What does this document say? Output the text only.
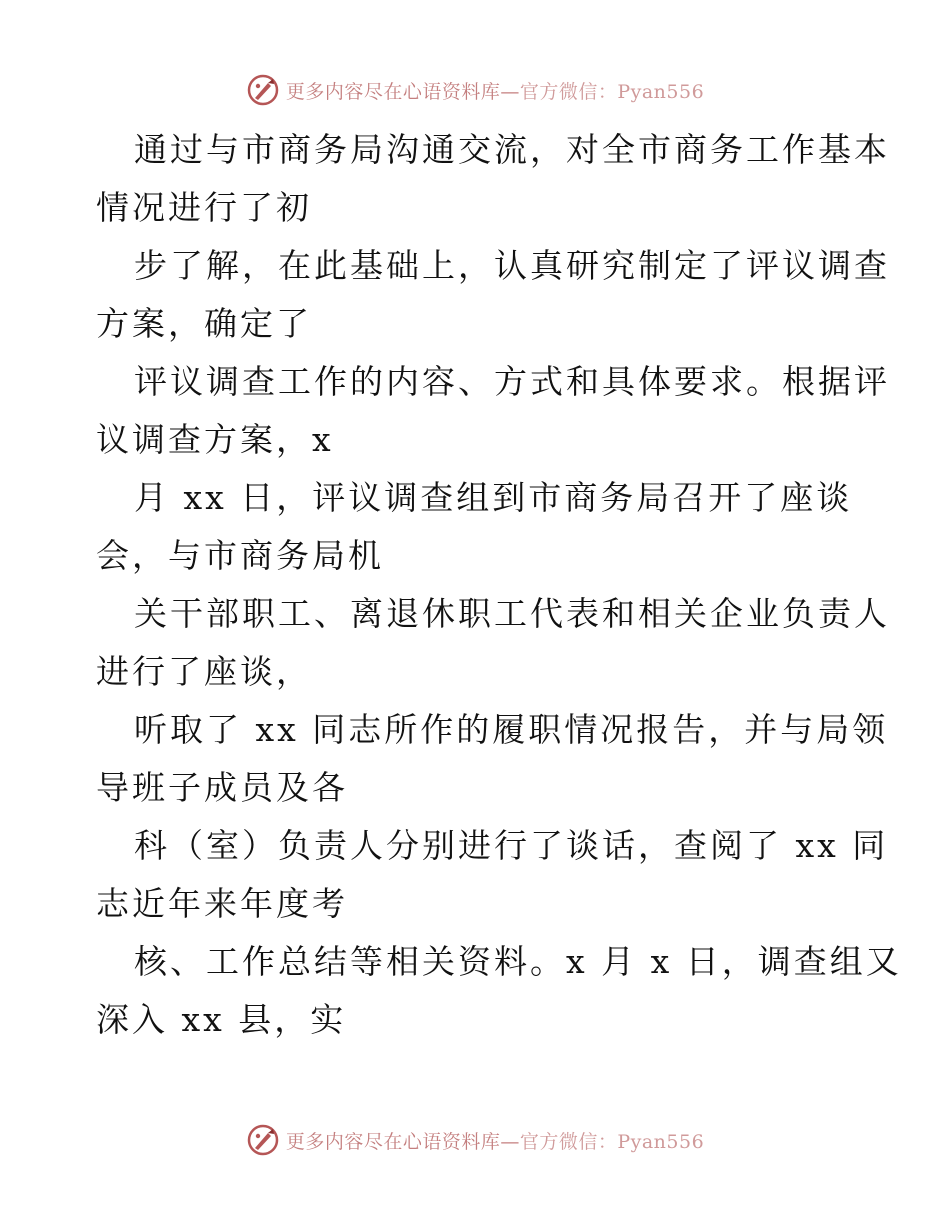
更多内容尽在心语资料库—官方微信：Pyan556

通过与市商务局沟通交流，对全市商务工作基本
情况进行了初

步了解，在此基础上，认真研究制定了评议调查
方案，确定了

评议调查工作的内容、方式和具体要求。根据评
议调查方案，x

月 xx 日，评议调查组到市商务局召开了座谈
会，与市商务局机

关干部职工、离退休职工代表和相关企业负责人
进行了座谈，

听取了 xx 同志所作的履职情况报告，并与局领
导班子成员及各

科（室）负责人分别进行了谈话，查阅了 xx 同
志近年来年度考

核、工作总结等相关资料。x 月 x 日，调查组又
深入 xx 县，实

更多内容尽在心语资料库—官方微信：Pyan556
